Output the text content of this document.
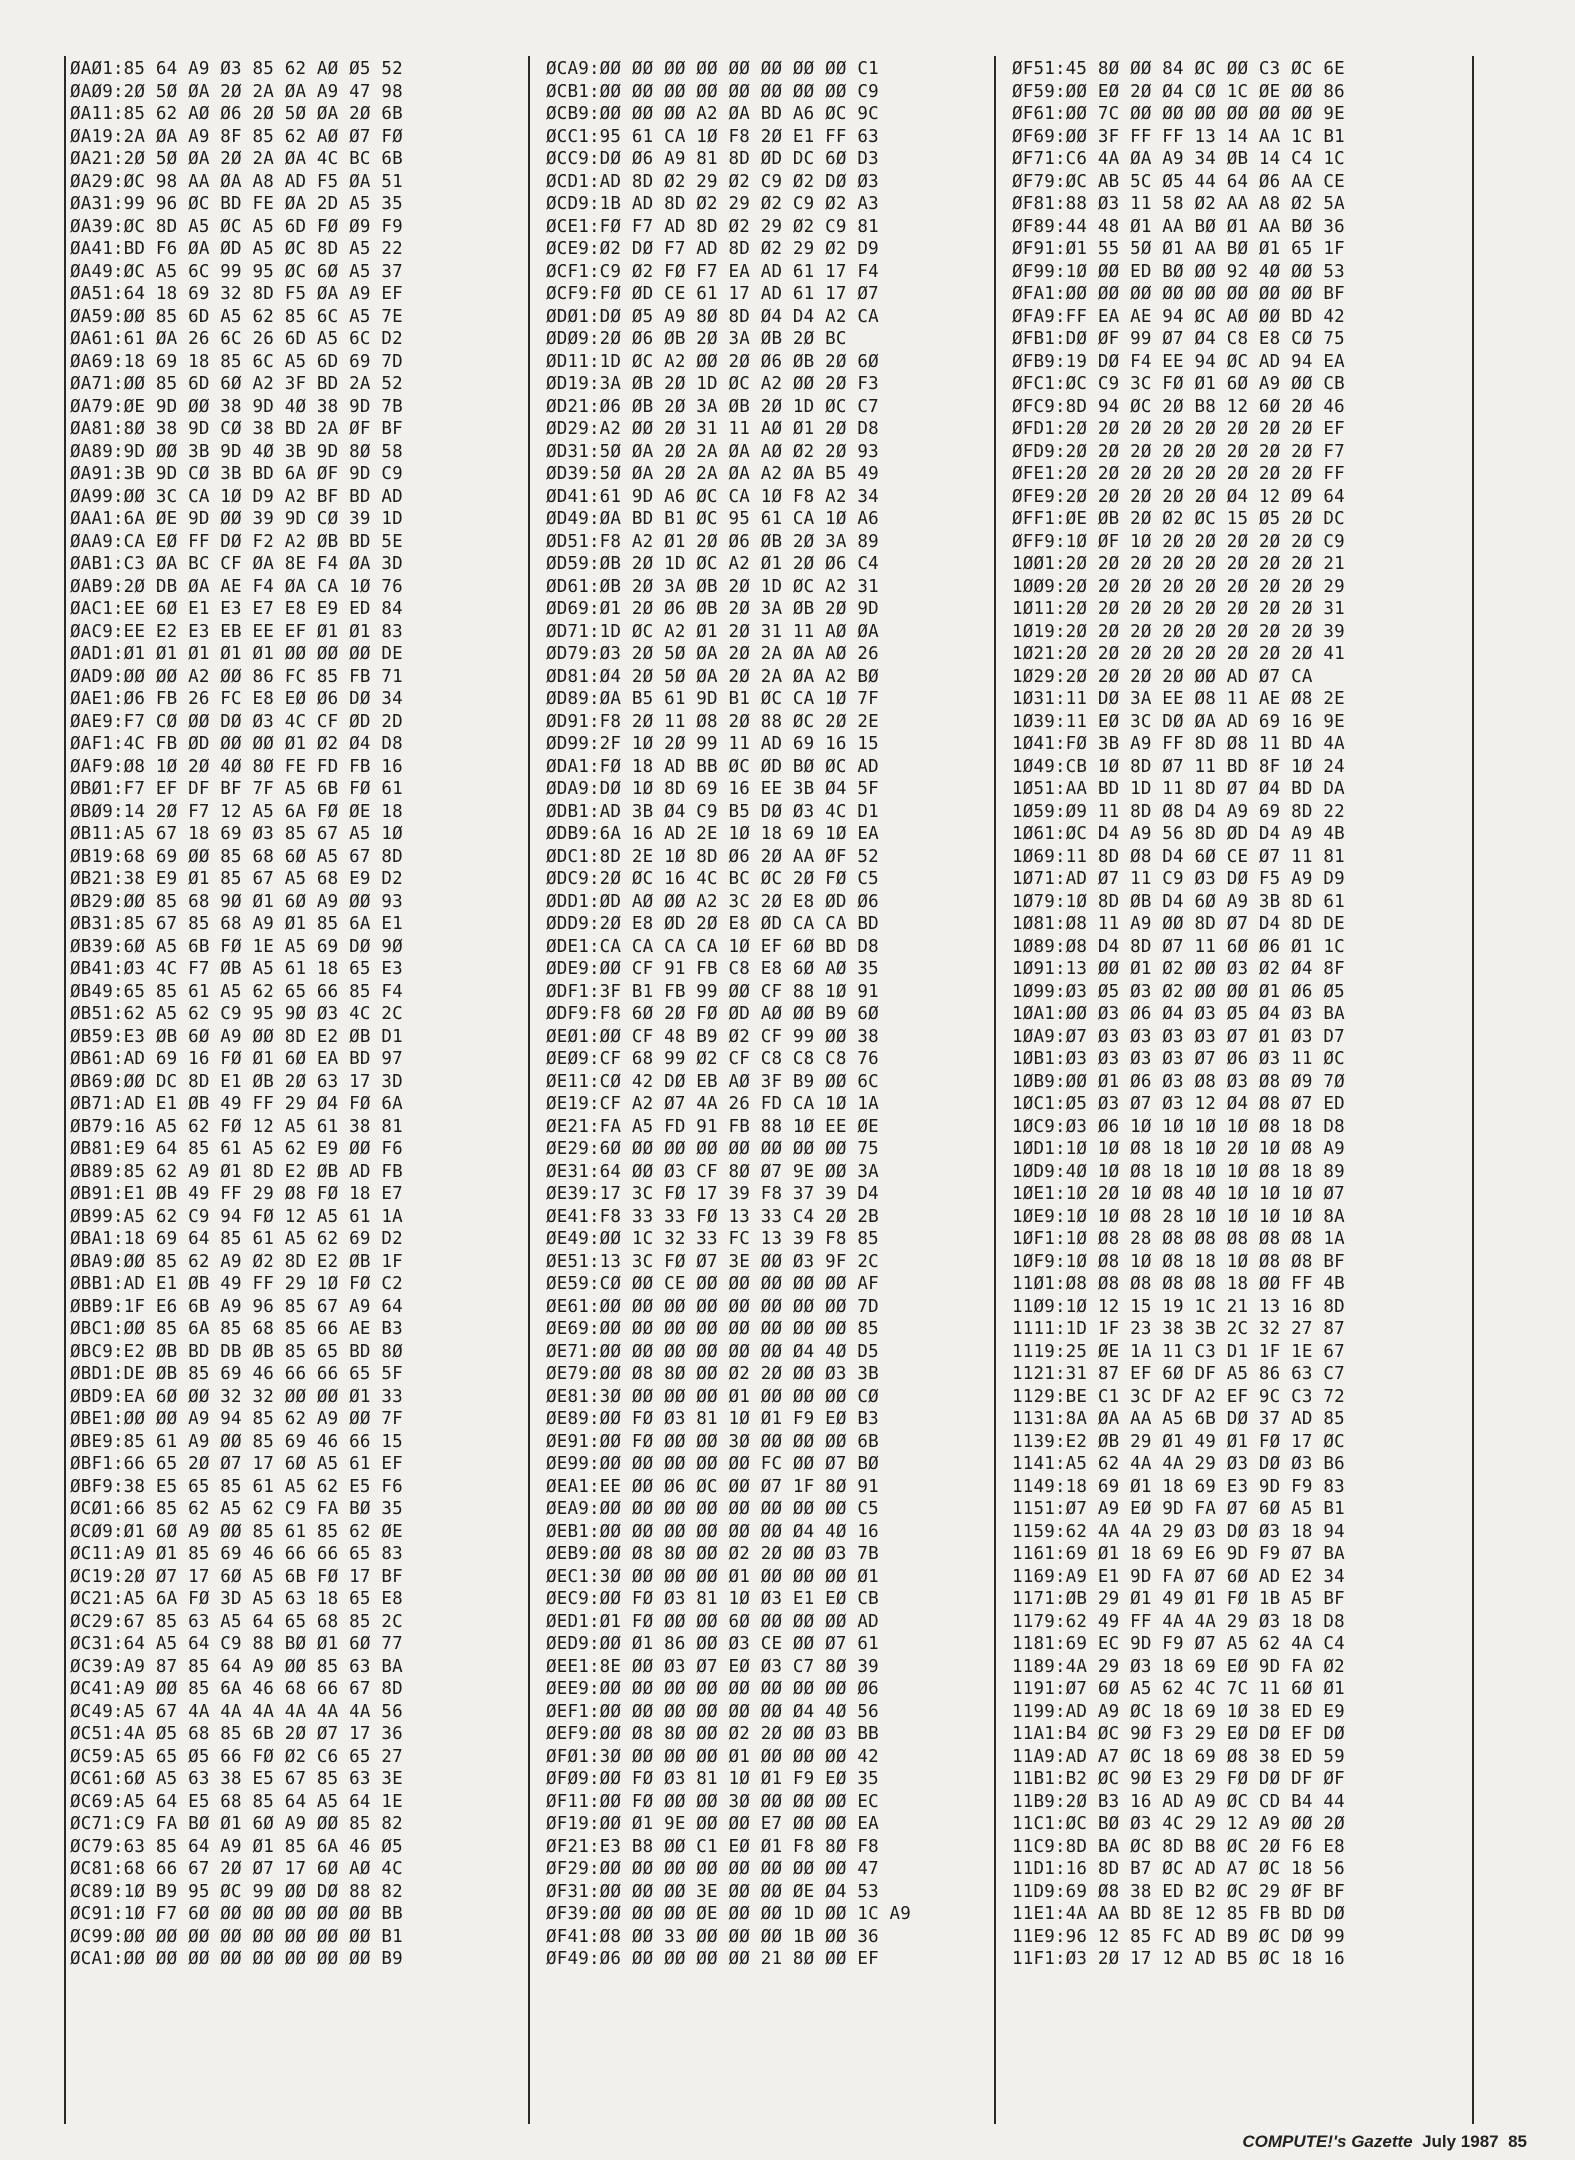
ØAØ1:85 64 A9 Ø3 85 62 AØ Ø5 52
ØAØ9:2Ø 5Ø ØA 2Ø 2A ØA A9 47 98
ØA11:85 62 AØ Ø6 2Ø 5Ø ØA 2Ø 6B
ØA19:2A ØA A9 8F 85 62 AØ Ø7 FØ
ØA21:2Ø 5Ø ØA 2Ø 2A ØA 4C BC 6B
ØA29:ØC 98 AA ØA A8 AD F5 ØA 51
ØA31:99 96 ØC BD FE ØA 2D A5 35
ØA39:ØC 8D A5 ØC A5 6D FØ Ø9 F9
ØA41:BD F6 ØA ØD A5 ØC 8D A5 22
ØA49:ØC A5 6C 99 95 ØC 6Ø A5 37
ØA51:64 18 69 32 8D F5 ØA A9 EF
ØA59:ØØ 85 6D A5 62 85 6C A5 7E
ØA61:61 ØA 26 6C 26 6D A5 6C D2
ØA69:18 69 18 85 6C A5 6D 69 7D
ØA71:ØØ 85 6D 6Ø A2 3F BD 2A 52
ØA79:ØE 9D ØØ 38 9D 4Ø 38 9D 7B
ØA81:8Ø 38 9D CØ 38 BD 2A ØF BF
ØA89:9D ØØ 3B 9D 4Ø 3B 9D 8Ø 58
ØA91:3B 9D CØ 3B BD 6A ØF 9D C9
ØA99:ØØ 3C CA 1Ø D9 A2 BF BD AD
ØAA1:6A ØE 9D ØØ 39 9D CØ 39 1D
ØAA9:CA EØ FF DØ F2 A2 ØB BD 5E
ØAB1:C3 ØA BC CF ØA 8E F4 ØA 3D
ØAB9:2Ø DB ØA AE F4 ØA CA 1Ø 76
ØAC1:EE 6Ø E1 E3 E7 E8 E9 ED 84
ØAC9:EE E2 E3 EB EE EF Ø1 Ø1 83
ØAD1:Ø1 Ø1 Ø1 Ø1 Ø1 ØØ ØØ ØØ DE
ØAD9:ØØ ØØ A2 ØØ 86 FC 85 FB 71
ØAE1:Ø6 FB 26 FC E8 EØ Ø6 DØ 34
ØAE9:F7 CØ ØØ DØ Ø3 4C CF ØD 2D
ØAF1:4C FB ØD ØØ ØØ Ø1 Ø2 Ø4 D8
ØAF9:Ø8 1Ø 2Ø 4Ø 8Ø FE FD FB 16
ØBØ1:F7 EF DF BF 7F A5 6B FØ 61
ØBØ9:14 2Ø F7 12 A5 6A FØ ØE 18
ØB11:A5 67 18 69 Ø3 85 67 A5 1Ø
ØB19:68 69 ØØ 85 68 6Ø A5 67 8D
ØB21:38 E9 Ø1 85 67 A5 68 E9 D2
ØB29:ØØ 85 68 9Ø Ø1 6Ø A9 ØØ 93
ØB31:85 67 85 68 A9 Ø1 85 6A E1
ØB39:6Ø A5 6B FØ 1E A5 69 DØ 9Ø
ØB41:Ø3 4C F7 ØB A5 61 18 65 E3
ØB49:65 85 61 A5 62 65 66 85 F4
ØB51:62 A5 62 C9 95 9Ø Ø3 4C 2C
ØB59:E3 ØB 6Ø A9 ØØ 8D E2 ØB D1
ØB61:AD 69 16 FØ Ø1 6Ø EA BD 97
ØB69:ØØ DC 8D E1 ØB 2Ø 63 17 3D
ØB71:AD E1 ØB 49 FF 29 Ø4 FØ 6A
ØB79:16 A5 62 FØ 12 A5 61 38 81
ØB81:E9 64 85 61 A5 62 E9 ØØ F6
ØB89:85 62 A9 Ø1 8D E2 ØB AD FB
ØB91:E1 ØB 49 FF 29 Ø8 FØ 18 E7
ØB99:A5 62 C9 94 FØ 12 A5 61 1A
ØBA1:18 69 64 85 61 A5 62 69 D2
ØBA9:ØØ 85 62 A9 Ø2 8D E2 ØB 1F
ØBB1:AD E1 ØB 49 FF 29 1Ø FØ C2
ØBB9:1F E6 6B A9 96 85 67 A9 64
ØBC1:ØØ 85 6A 85 68 85 66 AE B3
ØBC9:E2 ØB BD DB ØB 85 65 BD 8Ø
ØBD1:DE ØB 85 69 46 66 66 65 5F
ØBD9:EA 6Ø ØØ 32 32 ØØ ØØ Ø1 33
ØBE1:ØØ ØØ A9 94 85 62 A9 ØØ 7F
ØBE9:85 61 A9 ØØ 85 69 46 66 15
ØBF1:66 65 2Ø Ø7 17 6Ø A5 61 EF
ØBF9:38 E5 65 85 61 A5 62 E5 F6
ØCØ1:66 85 62 A5 62 C9 FA BØ 35
ØCØ9:Ø1 6Ø A9 ØØ 85 61 85 62 ØE
ØC11:A9 Ø1 85 69 46 66 66 65 83
ØC19:2Ø Ø7 17 6Ø A5 6B FØ 17 BF
ØC21:A5 6A FØ 3D A5 63 18 65 E8
ØC29:67 85 63 A5 64 65 68 85 2C
ØC31:64 A5 64 C9 88 BØ Ø1 6Ø 77
ØC39:A9 87 85 64 A9 ØØ 85 63 BA
ØC41:A9 ØØ 85 6A 46 68 66 67 8D
ØC49:A5 67 4A 4A 4A 4A 4A 4A 56
ØC51:4A Ø5 68 85 6B 2Ø Ø7 17 36
ØC59:A5 65 Ø5 66 FØ Ø2 C6 65 27
ØC61:6Ø A5 63 38 E5 67 85 63 3E
ØC69:A5 64 E5 68 85 64 A5 64 1E
ØC71:C9 FA BØ Ø1 6Ø A9 ØØ 85 82
ØC79:63 85 64 A9 Ø1 85 6A 46 Ø5
ØC81:68 66 67 2Ø Ø7 17 6Ø AØ 4C
ØC89:1Ø B9 95 ØC 99 ØØ DØ 88 82
ØC91:1Ø F7 6Ø ØØ ØØ ØØ ØØ ØØ BB
ØC99:ØØ ØØ ØØ ØØ ØØ ØØ ØØ ØØ B1
ØCA1:ØØ ØØ ØØ ØØ ØØ ØØ ØØ ØØ B9
ØCA9:ØØ ØØ ØØ ØØ ØØ ØØ ØØ ØØ C1
ØCB1:ØØ ØØ ØØ ØØ ØØ ØØ ØØ ØØ C9
ØCB9:ØØ ØØ ØØ A2 ØA BD A6 ØC 9C
ØCC1:95 61 CA 1Ø F8 2Ø E1 FF 63
ØCC9:DØ Ø6 A9 81 8D ØD DC 6Ø D3
ØCD1:AD 8D Ø2 29 Ø2 C9 Ø2 DØ Ø3
ØCD9:1B AD 8D Ø2 29 Ø2 C9 Ø2 A3
ØCE1:FØ F7 AD 8D Ø2 29 Ø2 C9 81
ØCE9:Ø2 DØ F7 AD 8D Ø2 29 Ø2 D9
ØCF1:C9 Ø2 FØ F7 EA AD 61 17 F4
ØCF9:FØ ØD CE 61 17 AD 61 17 Ø7
ØDØ1:DØ Ø5 A9 8Ø 8D Ø4 D4 A2 CA
ØDØ9:2Ø Ø6 ØB 2Ø 3A ØB 2Ø BC
ØD11:1D ØC A2 ØØ 2Ø Ø6 ØB 2Ø 6Ø
ØD19:3A ØB 2Ø 1D ØC A2 ØØ 2Ø F3
ØD21:Ø6 ØB 2Ø 3A ØB 2Ø 1D ØC C7
ØD29:A2 ØØ 2Ø 31 11 AØ Ø1 2Ø D8
ØD31:5Ø ØA 2Ø 2A ØA AØ Ø2 2Ø 93
ØD39:5Ø ØA 2Ø 2A ØA A2 ØA B5 49
ØD41:61 9D A6 ØC CA 1Ø F8 A2 34
ØD49:ØA BD B1 ØC 95 61 CA 1Ø A6
ØD51:F8 A2 Ø1 2Ø Ø6 ØB 2Ø 3A 89
ØD59:ØB 2Ø 1D ØC A2 Ø1 2Ø Ø6 C4
ØD61:ØB 2Ø 3A ØB 2Ø 1D ØC A2 31
ØD69:Ø1 2Ø Ø6 ØB 2Ø 3A ØB 2Ø 9D
ØD71:1D ØC A2 Ø1 2Ø 31 11 AØ ØA
ØD79:Ø3 2Ø 5Ø ØA 2Ø 2A ØA AØ 26
ØD81:Ø4 2Ø 5Ø ØA 2Ø 2A ØA A2 BØ
ØD89:ØA B5 61 9D B1 ØC CA 1Ø 7F
ØD91:F8 2Ø 11 Ø8 2Ø 88 ØC 2Ø 2E
ØD99:2F 1Ø 2Ø 99 11 AD 69 16 15
ØDA1:FØ 18 AD BB ØC ØD BØ ØC AD
ØDA9:DØ 1Ø 8D 69 16 EE 3B Ø4 5F
ØDB1:AD 3B Ø4 C9 B5 DØ Ø3 4C D1
ØDB9:6A 16 AD 2E 1Ø 18 69 1Ø EA
ØDC1:8D 2E 1Ø 8D Ø6 2Ø AA ØF 52
ØDC9:2Ø ØC 16 4C BC ØC 2Ø FØ C5
ØDD1:ØD AØ ØØ A2 3C 2Ø E8 ØD Ø6
ØDD9:2Ø E8 ØD 2Ø E8 ØD CA CA BD
ØDE1:CA CA CA CA 1Ø EF 6Ø BD D8
ØDE9:ØØ CF 91 FB C8 E8 6Ø AØ 35
ØDF1:3F B1 FB 99 ØØ CF 88 1Ø 91
ØDF9:F8 6Ø 2Ø FØ ØD AØ ØØ B9 6Ø
ØEØ1:ØØ CF 48 B9 Ø2 CF 99 ØØ 38
ØEØ9:CF 68 99 Ø2 CF C8 C8 C8 76
ØE11:CØ 42 DØ EB AØ 3F B9 ØØ 6C
ØE19:CF A2 Ø7 4A 26 FD CA 1Ø 1A
ØE21:FA A5 FD 91 FB 88 1Ø EE ØE
ØE29:6Ø ØØ ØØ ØØ ØØ ØØ ØØ ØØ 75
ØE31:64 ØØ Ø3 CF 8Ø Ø7 9E ØØ 3A
ØE39:17 3C FØ 17 39 F8 37 39 D4
ØE41:F8 33 33 FØ 13 33 C4 2Ø 2B
ØE49:ØØ 1C 32 33 FC 13 39 F8 85
ØE51:13 3C FØ Ø7 3E ØØ Ø3 9F 2C
ØE59:CØ ØØ CE ØØ ØØ ØØ ØØ ØØ AF
ØE61:ØØ ØØ ØØ ØØ ØØ ØØ ØØ ØØ 7D
ØE69:ØØ ØØ ØØ ØØ ØØ ØØ ØØ ØØ 85
ØE71:ØØ ØØ ØØ ØØ ØØ ØØ Ø4 4Ø D5
ØE79:ØØ Ø8 8Ø ØØ Ø2 2Ø ØØ Ø3 3B
ØE81:3Ø ØØ ØØ ØØ Ø1 ØØ ØØ ØØ CØ
ØE89:ØØ FØ Ø3 81 1Ø Ø1 F9 EØ B3
ØE91:ØØ FØ ØØ ØØ 3Ø ØØ ØØ ØØ 6B
ØE99:ØØ ØØ ØØ ØØ ØØ FC ØØ Ø7 BØ
ØEA1:EE ØØ Ø6 ØC ØØ Ø7 1F 8Ø 91
ØEA9:ØØ ØØ ØØ ØØ ØØ ØØ ØØ ØØ C5
ØEB1:ØØ ØØ ØØ ØØ ØØ ØØ Ø4 4Ø 16
ØEB9:ØØ Ø8 8Ø ØØ Ø2 2Ø ØØ Ø3 7B
ØEC1:3Ø ØØ ØØ ØØ Ø1 ØØ ØØ ØØ Ø1
ØEC9:ØØ FØ Ø3 81 1Ø Ø3 E1 EØ CB
ØED1:Ø1 FØ ØØ ØØ 6Ø ØØ ØØ ØØ AD
ØED9:ØØ Ø1 86 ØØ Ø3 CE ØØ Ø7 61
ØEE1:8E ØØ Ø3 Ø7 EØ Ø3 C7 8Ø 39
ØEE9:ØØ ØØ ØØ ØØ ØØ ØØ ØØ ØØ Ø6
ØEF1:ØØ ØØ ØØ ØØ ØØ ØØ Ø4 4Ø 56
ØEF9:ØØ Ø8 8Ø ØØ Ø2 2Ø ØØ Ø3 BB
ØFØ1:3Ø ØØ ØØ ØØ Ø1 ØØ ØØ ØØ 42
ØFØ9:ØØ FØ Ø3 81 1Ø Ø1 F9 EØ 35
ØF11:ØØ FØ ØØ ØØ 3Ø ØØ ØØ ØØ EC
ØF19:ØØ Ø1 9E ØØ ØØ E7 ØØ ØØ EA
ØF21:E3 B8 ØØ C1 EØ Ø1 F8 8Ø F8
ØF29:ØØ ØØ ØØ ØØ ØØ ØØ ØØ ØØ 47
ØF31:ØØ ØØ ØØ 3E ØØ ØØ ØE Ø4 53
ØF39:ØØ ØØ ØØ ØE ØØ ØØ 1D ØØ 1C A9
ØF41:Ø8 ØØ 33 ØØ ØØ ØØ 1B ØØ 36
ØF49:Ø6 ØØ ØØ ØØ ØØ 21 8Ø ØØ EF
ØF51:45 8Ø ØØ 84 ØC ØØ C3 ØC 6E
ØF59:ØØ EØ 2Ø Ø4 CØ 1C ØE ØØ 86
ØF61:ØØ 7C ØØ ØØ ØØ ØØ ØØ ØØ 9E
ØF69:ØØ 3F FF FF 13 14 AA 1C B1
ØF71:C6 4A ØA A9 34 ØB 14 C4 1C
ØF79:ØC AB 5C Ø5 44 64 Ø6 AA CE
ØF81:88 Ø3 11 58 Ø2 AA A8 Ø2 5A
ØF89:44 48 Ø1 AA BØ Ø1 AA BØ 36
ØF91:Ø1 55 5Ø Ø1 AA BØ Ø1 65 1F
ØF99:1Ø ØØ ED BØ ØØ 92 4Ø ØØ 53
ØFA1:ØØ ØØ ØØ ØØ ØØ ØØ ØØ ØØ BF
ØFA9:FF EA AE 94 ØC AØ ØØ BD 42
ØFB1:DØ ØF 99 Ø7 Ø4 C8 E8 CØ 75
ØFB9:19 DØ F4 EE 94 ØC AD 94 EA
ØFC1:ØC C9 3C FØ Ø1 6Ø A9 ØØ CB
ØFC9:8D 94 ØC 2Ø B8 12 6Ø 2Ø 46
ØFD1:2Ø 2Ø 2Ø 2Ø 2Ø 2Ø 2Ø 2Ø EF
ØFD9:2Ø 2Ø 2Ø 2Ø 2Ø 2Ø 2Ø 2Ø F7
ØFE1:2Ø 2Ø 2Ø 2Ø 2Ø 2Ø 2Ø 2Ø FF
ØFE9:2Ø 2Ø 2Ø 2Ø 2Ø Ø4 12 Ø9 64
ØFF1:ØE ØB 2Ø Ø2 ØC 15 Ø5 2Ø DC
ØFF9:1Ø ØF 1Ø 2Ø 2Ø 2Ø 2Ø 2Ø C9
1ØØ1:2Ø 2Ø 2Ø 2Ø 2Ø 2Ø 2Ø 2Ø 21
1ØØ9:2Ø 2Ø 2Ø 2Ø 2Ø 2Ø 2Ø 2Ø 29
1Ø11:2Ø 2Ø 2Ø 2Ø 2Ø 2Ø 2Ø 2Ø 31
1Ø19:2Ø 2Ø 2Ø 2Ø 2Ø 2Ø 2Ø 2Ø 39
1Ø21:2Ø 2Ø 2Ø 2Ø 2Ø 2Ø 2Ø 2Ø 41
1Ø29:2Ø 2Ø 2Ø 2Ø ØØ AD Ø7 CA
1Ø31:11 DØ 3A EE Ø8 11 AE Ø8 2E
1Ø39:11 EØ 3C DØ ØA AD 69 16 9E
1Ø41:FØ 3B A9 FF 8D Ø8 11 BD 4A
1Ø49:CB 1Ø 8D Ø7 11 BD 8F 1Ø 24
1Ø51:AA BD 1D 11 8D Ø7 Ø4 BD DA
1Ø59:Ø9 11 8D Ø8 D4 A9 69 8D 22
1Ø61:ØC D4 A9 56 8D ØD D4 A9 4B
1Ø69:11 8D Ø8 D4 6Ø CE Ø7 11 81
1Ø71:AD Ø7 11 C9 Ø3 DØ F5 A9 D9
1Ø79:1Ø 8D ØB D4 6Ø A9 3B 8D 61
1Ø81:Ø8 11 A9 ØØ 8D Ø7 D4 8D DE
1Ø89:Ø8 D4 8D Ø7 11 6Ø Ø6 Ø1 1C
1Ø91:13 ØØ Ø1 Ø2 ØØ Ø3 Ø2 Ø4 8F
1Ø99:Ø3 Ø5 Ø3 Ø2 ØØ ØØ Ø1 Ø6 Ø5
1ØA1:ØØ Ø3 Ø6 Ø4 Ø3 Ø5 Ø4 Ø3 BA
1ØA9:Ø7 Ø3 Ø3 Ø3 Ø3 Ø7 Ø1 Ø3 D7
1ØB1:Ø3 Ø3 Ø3 Ø3 Ø7 Ø6 Ø3 11 ØC
1ØB9:ØØ Ø1 Ø6 Ø3 Ø8 Ø3 Ø8 Ø9 7Ø
1ØC1:Ø5 Ø3 Ø7 Ø3 12 Ø4 Ø8 Ø7 ED
1ØC9:Ø3 Ø6 1Ø 1Ø 1Ø 1Ø Ø8 18 D8
1ØD1:1Ø 1Ø Ø8 18 1Ø 2Ø 1Ø Ø8 A9
1ØD9:4Ø 1Ø Ø8 18 1Ø 1Ø Ø8 18 89
1ØE1:1Ø 2Ø 1Ø Ø8 4Ø 1Ø 1Ø 1Ø Ø7
1ØE9:1Ø 1Ø Ø8 28 1Ø 1Ø 1Ø 1Ø 8A
1ØF1:1Ø Ø8 28 Ø8 Ø8 Ø8 Ø8 Ø8 1A
1ØF9:1Ø Ø8 1Ø Ø8 18 1Ø Ø8 Ø8 BF
11Ø1:Ø8 Ø8 Ø8 Ø8 Ø8 18 ØØ FF 4B
11Ø9:1Ø 12 15 19 1C 21 13 16 8D
1111:1D 1F 23 38 3B 2C 32 27 87
1119:25 ØE 1A 11 C3 D1 1F 1E 67
1121:31 87 EF 6Ø DF A5 86 63 C7
1129:BE C1 3C DF A2 EF 9C C3 72
1131:8A ØA AA A5 6B DØ 37 AD 85
1139:E2 ØB 29 Ø1 49 Ø1 FØ 17 ØC
1141:A5 62 4A 4A 29 Ø3 DØ Ø3 B6
1149:18 69 Ø1 18 69 E3 9D F9 83
1151:Ø7 A9 EØ 9D FA Ø7 6Ø A5 B1
1159:62 4A 4A 29 Ø3 DØ Ø3 18 94
1161:69 Ø1 18 69 E6 9D F9 Ø7 BA
1169:A9 E1 9D FA Ø7 6Ø AD E2 34
1171:ØB 29 Ø1 49 Ø1 FØ 1B A5 BF
1179:62 49 FF 4A 4A 29 Ø3 18 D8
1181:69 EC 9D F9 Ø7 A5 62 4A C4
1189:4A 29 Ø3 18 69 EØ 9D FA Ø2
1191:Ø7 6Ø A5 62 4C 7C 11 6Ø Ø1
1199:AD A9 ØC 18 69 1Ø 38 ED E9
11A1:B4 ØC 9Ø F3 29 EØ DØ EF DØ
11A9:AD A7 ØC 18 69 Ø8 38 ED 59
11B1:B2 ØC 9Ø E3 29 FØ DØ DF ØF
11B9:2Ø B3 16 AD A9 ØC CD B4 44
11C1:ØC BØ Ø3 4C 29 12 A9 ØØ 2Ø
11C9:8D BA ØC 8D B8 ØC 2Ø F6 E8
11D1:16 8D B7 ØC AD A7 ØC 18 56
11D9:69 Ø8 38 ED B2 ØC 29 ØF BF
11E1:4A AA BD 8E 12 85 FB BD DØ
11E9:96 12 85 FC AD B9 ØC DØ 99
11F1:Ø3 2Ø 17 12 AD B5 ØC 18 16
COMPUTE!'s Gazette July 1987 85
